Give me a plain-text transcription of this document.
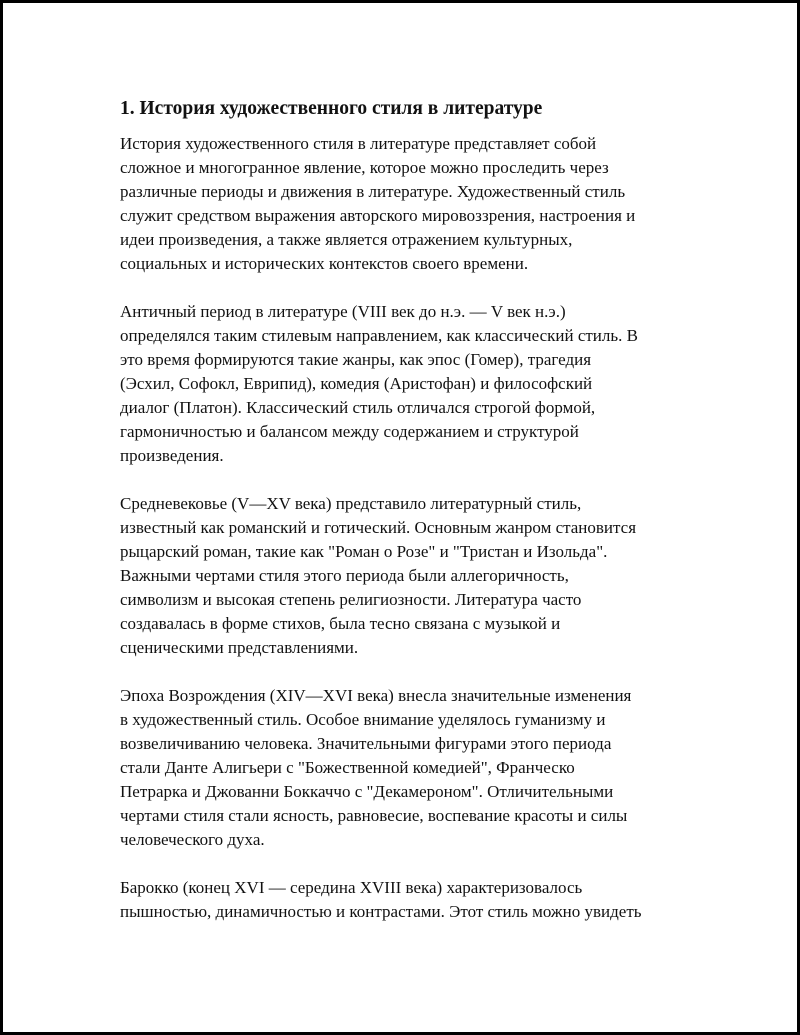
1. История художественного стиля в литературе
История художественного стиля в литературе представляет собой
сложное и многогранное явление, которое можно проследить через
различные периоды и движения в литературе. Художественный стиль
служит средством выражения авторского мировоззрения, настроения и
идеи произведения, а также является отражением культурных,
социальных и исторических контекстов своего времени.
Античный период в литературе (VIII век до н.э. — V век н.э.)
определялся таким стилевым направлением, как классический стиль. В
это время формируются такие жанры, как эпос (Гомер), трагедия
(Эсхил, Софокл, Еврипид), комедия (Аристофан) и философский
диалог (Платон). Классический стиль отличался строгой формой,
гармоничностью и балансом между содержанием и структурой
произведения.
Средневековье (V—XV века) представило литературный стиль,
известный как романский и готический. Основным жанром становится
рыцарский роман, такие как "Роман о Розе" и "Тристан и Изольда".
Важными чертами стиля этого периода были аллегоричность,
символизм и высокая степень религиозности. Литература часто
создавалась в форме стихов, была тесно связана с музыкой и
сценическими представлениями.
Эпоха Возрождения (XIV—XVI века) внесла значительные изменения
в художественный стиль. Особое внимание уделялось гуманизму и
возвеличиванию человека. Значительными фигурами этого периода
стали Данте Алигьери с "Божественной комедией", Франческо
Петрарка и Джованни Боккаччо с "Декамероном". Отличительными
чертами стиля стали ясность, равновесие, воспевание красоты и силы
человеческого духа.
Барокко (конец XVI — середина XVIII века) характеризовалось
пышностью, динамичностью и контрастами. Этот стиль можно увидеть
